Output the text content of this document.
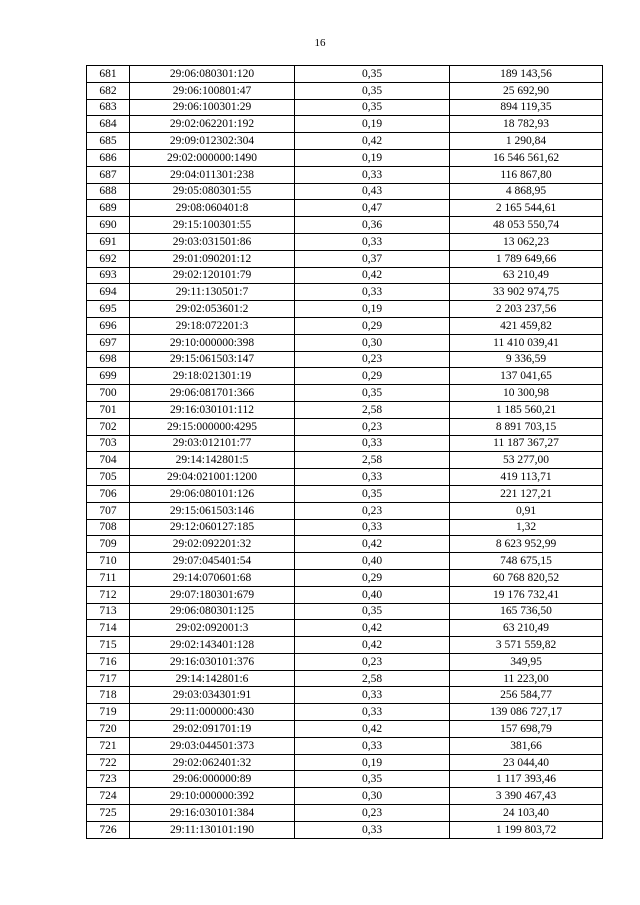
16
681	29:06:080301:120	0,35	189 143,56
682	29:06:100801:47	0,35	25 692,90
683	29:06:100301:29	0,35	894 119,35
684	29:02:062201:192	0,19	18 782,93
685	29:09:012302:304	0,42	1 290,84
686	29:02:000000:1490	0,19	16 546 561,62
687	29:04:011301:238	0,33	116 867,80
688	29:05:080301:55	0,43	4 868,95
689	29:08:060401:8	0,47	2 165 544,61
690	29:15:100301:55	0,36	48 053 550,74
691	29:03:031501:86	0,33	13 062,23
692	29:01:090201:12	0,37	1 789 649,66
693	29:02:120101:79	0,42	63 210,49
694	29:11:130501:7	0,33	33 902 974,75
695	29:02:053601:2	0,19	2 203 237,56
696	29:18:072201:3	0,29	421 459,82
697	29:10:000000:398	0,30	11 410 039,41
698	29:15:061503:147	0,23	9 336,59
699	29:18:021301:19	0,29	137 041,65
700	29:06:081701:366	0,35	10 300,98
701	29:16:030101:112	2,58	1 185 560,21
702	29:15:000000:4295	0,23	8 891 703,15
703	29:03:012101:77	0,33	11 187 367,27
704	29:14:142801:5	2,58	53 277,00
705	29:04:021001:1200	0,33	419 113,71
706	29:06:080101:126	0,35	221 127,21
707	29:15:061503:146	0,23	0,91
708	29:12:060127:185	0,33	1,32
709	29:02:092201:32	0,42	8 623 952,99
710	29:07:045401:54	0,40	748 675,15
711	29:14:070601:68	0,29	60 768 820,52
712	29:07:180301:679	0,40	19 176 732,41
713	29:06:080301:125	0,35	165 736,50
714	29:02:092001:3	0,42	63 210,49
715	29:02:143401:128	0,42	3 571 559,82
716	29:16:030101:376	0,23	349,95
717	29:14:142801:6	2,58	11 223,00
718	29:03:034301:91	0,33	256 584,77
719	29:11:000000:430	0,33	139 086 727,17
720	29:02:091701:19	0,42	157 698,79
721	29:03:044501:373	0,33	381,66
722	29:02:062401:32	0,19	23 044,40
723	29:06:000000:89	0,35	1 117 393,46
724	29:10:000000:392	0,30	3 390 467,43
725	29:16:030101:384	0,23	24 103,40
726	29:11:130101:190	0,33	1 199 803,72
